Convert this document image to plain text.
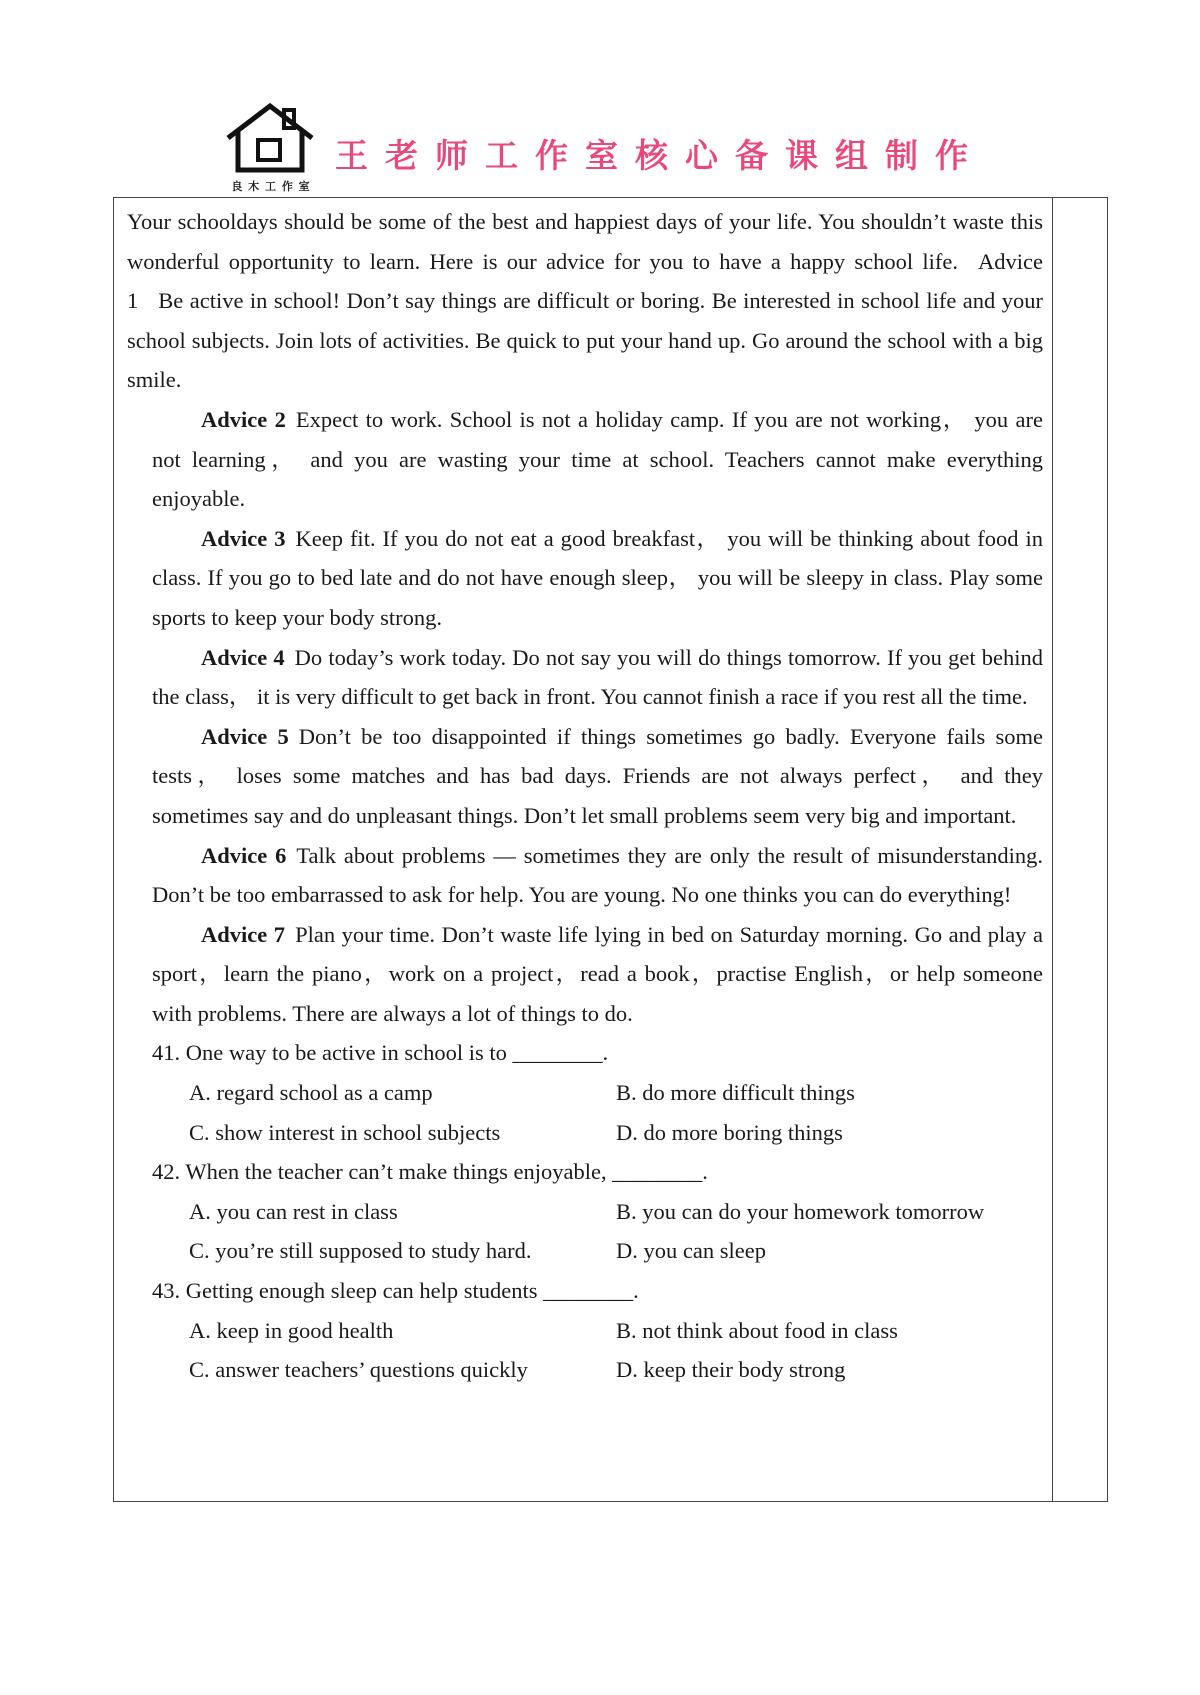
良 木 工 作 室
王老师工作室核心备课组制作

Your schooldays should be some of the best and happiest days of your life. You shouldn’t waste this wonderful opportunity to learn. Here is our advice for you to have a happy school life. Advice 1 Be active in school! Don’t say things are difficult or boring. Be interested in school life and your school subjects. Join lots of activities. Be quick to put your hand up. Go around the school with a big smile.

Advice 2 Expect to work. School is not a holiday camp. If you are not working， you are not learning， and you are wasting your time at school. Teachers cannot make everything enjoyable.

Advice 3 Keep fit. If you do not eat a good breakfast， you will be thinking about food in class. If you go to bed late and do not have enough sleep， you will be sleepy in class. Play some sports to keep your body strong.

Advice 4 Do today’s work today. Do not say you will do things tomorrow. If you get behind the class， it is very difficult to get back in front. You cannot finish a race if you rest all the time.

Advice 5 Don’t be too disappointed if things sometimes go badly. Everyone fails some tests， loses some matches and has bad days. Friends are not always perfect， and they sometimes say and do unpleasant things. Don’t let small problems seem very big and important.

Advice 6 Talk about problems — sometimes they are only the result of misunderstanding. Don’t be too embarrassed to ask for help. You are young. No one thinks you can do everything!

Advice 7 Plan your time. Don’t waste life lying in bed on Saturday morning. Go and play a sport，learn the piano，work on a project，read a book，practise English，or help someone with problems. There are always a lot of things to do.

41. One way to be active in school is to ________.

A. regard school as a camp	B. do more difficult things
C. show interest in school subjects	D. do more boring things

42. When the teacher can’t make things enjoyable, ________.

A. you can rest in class	B. you can do your homework tomorrow
C. you’re still supposed to study hard.	D. you can sleep

43. Getting enough sleep can help students ________.

A. keep in good health	B. not think about food in class
C. answer teachers’ questions quickly	D. keep their body strong
